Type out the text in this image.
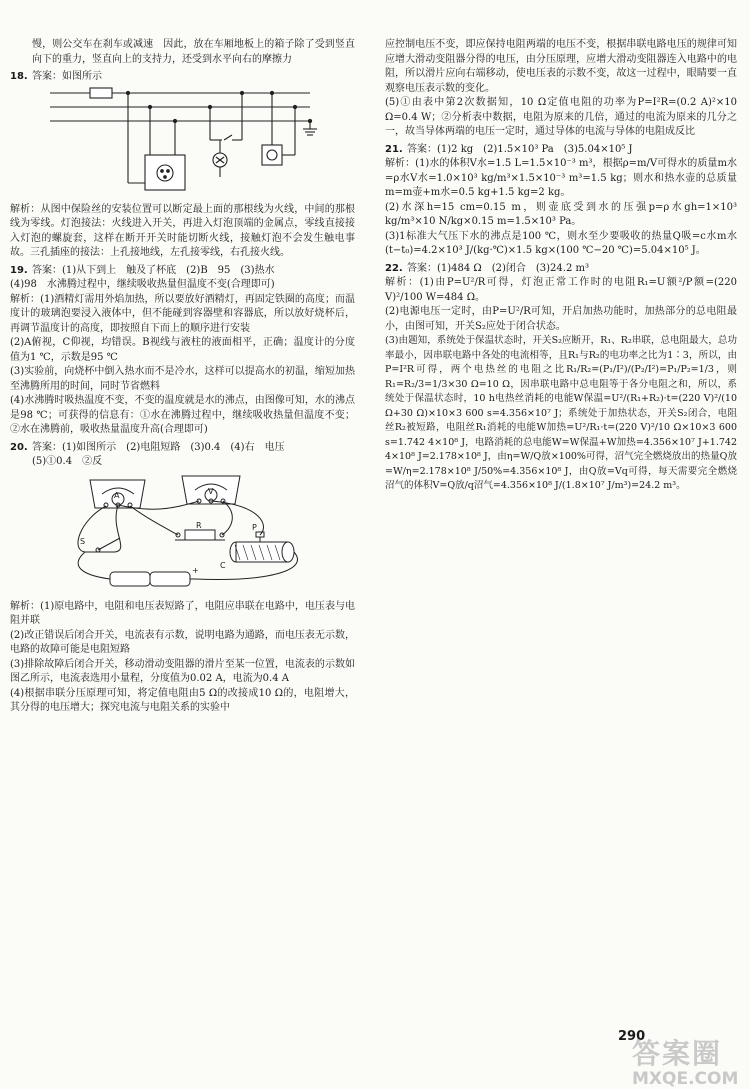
慢，则公交车在刹车或减速　因此，放在车厢地板上的箱子除了受到竖直向下的重力，竖直向上的支持力，还受到水平向右的摩擦力

18. 答案：如图所示

解析：从图中保险丝的安装位置可以断定最上面的那根线为火线，中间的那根线为零线。灯泡接法：火线进入开关，再进入灯泡顶端的金属点，零线直接接入灯泡的螺旋套，这样在断开开关时能切断火线，接触灯泡不会发生触电事故。三孔插座的接法：上孔接地线，左孔接零线，右孔接火线。

19. 答案：(1)从下到上　触及了杯底　(2)B　95　(3)热水

(4)98　水沸腾过程中，继续吸收热量但温度不变(合理即可)

解析：(1)酒精灯需用外焰加热，所以要放好酒精灯，再固定铁圈的高度；而温度计的玻璃泡要浸入液体中，但不能碰到容器壁和容器底，所以放好烧杯后，再调节温度计的高度，即按照自下而上的顺序进行安装

(2)A俯视，C仰视，均错误。B视线与液柱的液面相平，正确；温度计的分度值为1 ℃，示数是95 ℃

(3)实验前，向烧杯中倒入热水而不是冷水，这样可以提高水的初温，缩短加热至沸腾所用的时间，同时节省燃料

(4)水沸腾时吸热温度不变，不变的温度就是水的沸点，由图像可知，水的沸点是98 ℃；可获得的信息有：①水在沸腾过程中，继续吸收热量但温度不变；②水在沸腾前，吸收热量温度升高(合理即可)

20. 答案：(1)如图所示　(2)电阻短路　(3)0.4　(4)右　电压

(5)①0.4　②反

A	V
R
S
P
C
+

解析：(1)原电路中，电阻和电压表短路了，电阻应串联在电路中，电压表与电阻并联

(2)改正错误后闭合开关，电流表有示数，说明电路为通路，而电压表无示数，电路的故障可能是电阻短路

(3)排除故障后闭合开关，移动滑动变阻器的滑片至某一位置，电流表的示数如图乙所示，电流表选用小量程，分度值为0.02 A，电流为0.4 A

(4)根据串联分压原理可知，将定值电阻由5 Ω的改接成10 Ω的，电阻增大，其分得的电压增大；探究电流与电阻关系的实验中

应控制电压不变，即应保持电阻两端的电压不变，根据串联电路电压的规律可知应增大滑动变阻器分得的电压，由分压原理，应增大滑动变阻器连入电路中的电阻，所以滑片应向右端移动，使电压表的示数不变，故这一过程中，眼睛要一直观察电压表示数的变化。

(5)①由表中第2次数据知，10 Ω定值电阻的功率为P=I²R=(0.2 A)²×10 Ω=0.4 W；②分析表中数据，电阻为原来的几倍，通过的电流为原来的几分之一，故当导体两端的电压一定时，通过导体的电流与导体的电阻成反比

21. 答案：(1)2 kg　(2)1.5×10³ Pa　(3)5.04×10⁵ J

解析：(1)水的体积V水=1.5 L=1.5×10⁻³ m³，根据ρ=m/V可得水的质量m水=ρ水V水=1.0×10³ kg/m³×1.5×10⁻³ m³=1.5 kg；则水和热水壶的总质量m=m壶+m水=0.5 kg+1.5 kg=2 kg。

(2)水深h=15 cm=0.15 m，则壶底受到水的压强p=ρ水gh=1×10³ kg/m³×10 N/kg×0.15 m=1.5×10³ Pa。

(3)1标准大气压下水的沸点是100 ℃，则水至少要吸收的热量Q吸=c水m水(t−t₀)=4.2×10³ J/(kg·℃)×1.5 kg×(100 ℃−20 ℃)=5.04×10⁵ J。

22. 答案：(1)484 Ω　(2)闭合　(3)24.2 m³

解析：(1)由P=U²/R可得，灯泡正常工作时的电阻R₁=U额²/P额=(220 V)²/100 W=484 Ω。

(2)电源电压一定时，由P=U²/R可知，开启加热功能时，加热部分的总电阻最小，由图可知，开关S₂应处于闭合状态。

(3)由题知，系统处于保温状态时，开关S₂应断开，R₁、R₂串联，总电阻最大，总功率最小，因串联电路中各处的电流相等，且R₁与R₂的电功率之比为1∶3，所以，由P=I²R可得，两个电热丝的电阻之比R₁/R₂=(P₁/I²)/(P₂/I²)=P₁/P₂=1/3，则R₁=R₂/3=1/3×30 Ω=10 Ω，因串联电路中总电阻等于各分电阻之和，所以，系统处于保温状态时，10 h电热丝消耗的电能W保温=U²/(R₁+R₂)·t=(220 V)²/(10 Ω+30 Ω)×10×3 600 s=4.356×10⁷ J；系统处于加热状态，开关S₂闭合，电阻丝R₂被短路，电阻丝R₁消耗的电能W加热=U²/R₁·t=(220 V)²/10 Ω×10×3 600 s=1.742 4×10⁸ J，电路消耗的总电能W=W保温+W加热=4.356×10⁷ J+1.742 4×10⁸ J=2.178×10⁸ J，由η=W/Q放×100%可得，沼气完全燃烧放出的热量Q放=W/η=2.178×10⁸ J/50%=4.356×10⁸ J，由Q放=Vq可得，每天需要完全燃烧沼气的体积V=Q放/q沼气=4.356×10⁸ J/(1.8×10⁷ J/m³)=24.2 m³。

290
答案圈
MXQE.COM
